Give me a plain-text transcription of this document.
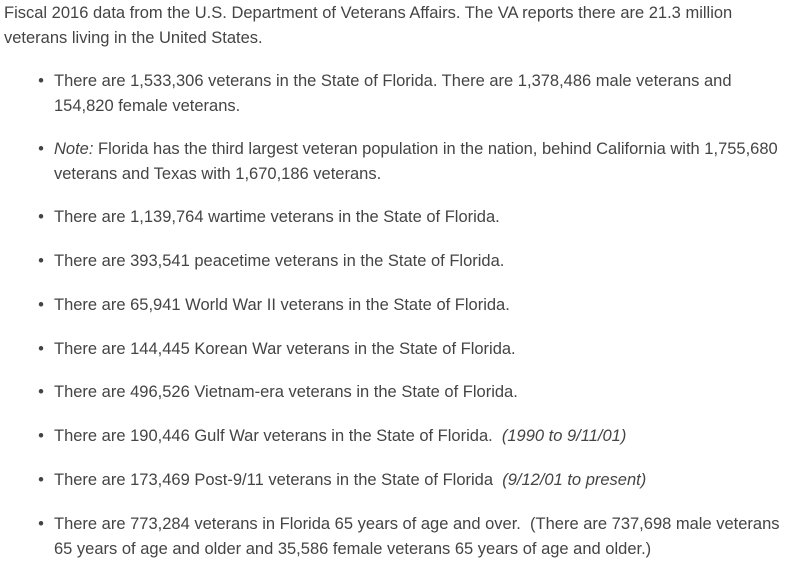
Fiscal 2016 data from the U.S. Department of Veterans Affairs. The VA reports there are 21.3 million veterans living in the United States.

• There are 1,533,306 veterans in the State of Florida. There are 1,378,486 male veterans and 154,820 female veterans.
• Note: Florida has the third largest veteran population in the nation, behind California with 1,755,680 veterans and Texas with 1,670,186 veterans.
• There are 1,139,764 wartime veterans in the State of Florida.
• There are 393,541 peacetime veterans in the State of Florida.
• There are 65,941 World War II veterans in the State of Florida.
• There are 144,445 Korean War veterans in the State of Florida.
• There are 496,526 Vietnam-era veterans in the State of Florida.
• There are 190,446 Gulf War veterans in the State of Florida.  (1990 to 9/11/01)
• There are 173,469 Post-9/11 veterans in the State of Florida  (9/12/01 to present)
• There are 773,284 veterans in Florida 65 years of age and over.  (There are 737,698 male veterans 65 years of age and older and 35,586 female veterans 65 years of age and older.)
